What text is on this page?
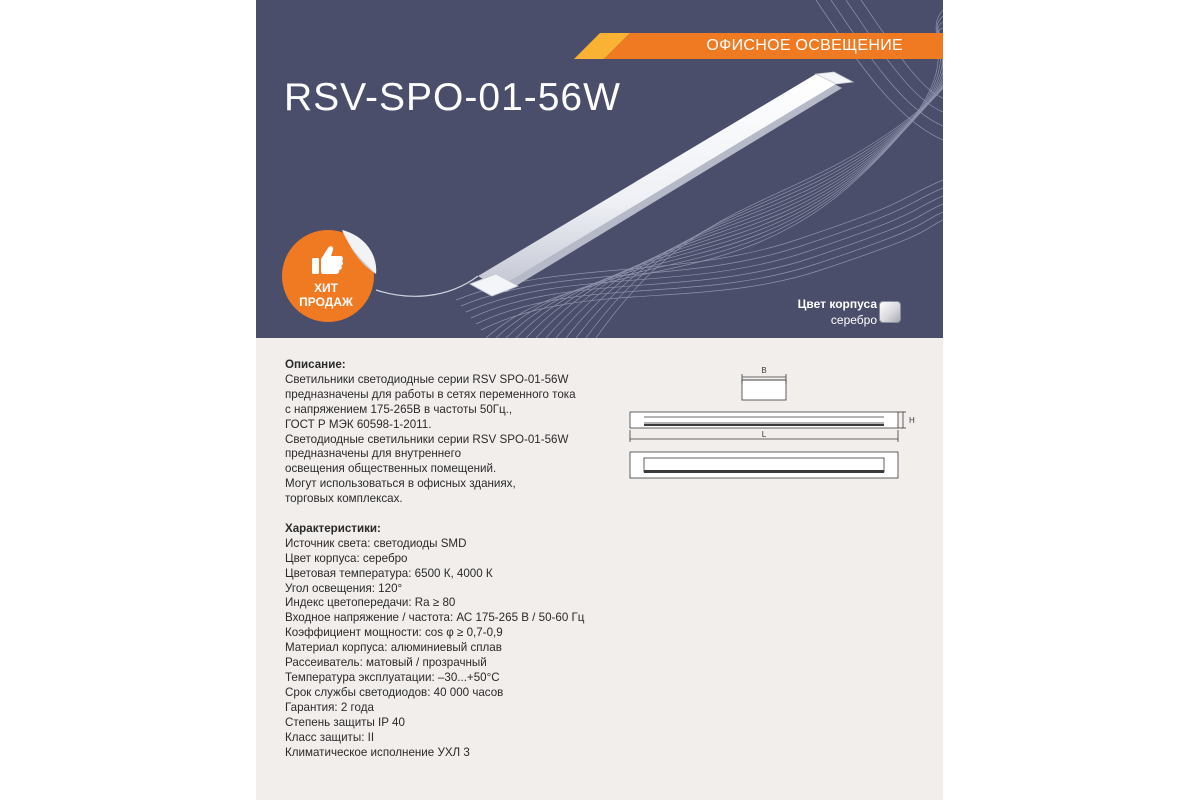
ОФИСНОЕ ОСВЕЩЕНИЕ
RSV-SPO-01-56W
ХИТ
ПРОДАЖ	Цвет корпуса
серебро
Описание:
Светильники светодиодные серии RSV SPO-01-56W
предназначены для работы в сетях переменного тока
с напряжением 175-265В в частоты 50Гц.,
ГОСТ Р МЭК 60598-1-2011.
Светодиодные светильники серии RSV SPO-01-56W
предназначены для внутреннего
освещения общественных помещений.
Могут использоваться в офисных зданиях,
торговых комплексах.
Характеристики:
Источник света: светодиоды SMD
Цвет корпуса: серебро
Цветовая температура: 6500 К, 4000 К
Угол освещения: 120°
Индекс цветопередачи: Ra ≥ 80
Входное напряжение / частота: АС 175-265 В / 50-60 Гц
Коэффициент мощности: cos φ ≥ 0,7-0,9
Материал корпуса: алюминиевый сплав
Рассеиватель: матовый / прозрачный
Температура эксплуатации: –30...+50°С
Срок службы светодиодов: 40 000 часов
Гарантия: 2 года
Степень защиты IP 40
Класс защиты: II
Климатическое исполнение УХЛ 3
B
H
L
